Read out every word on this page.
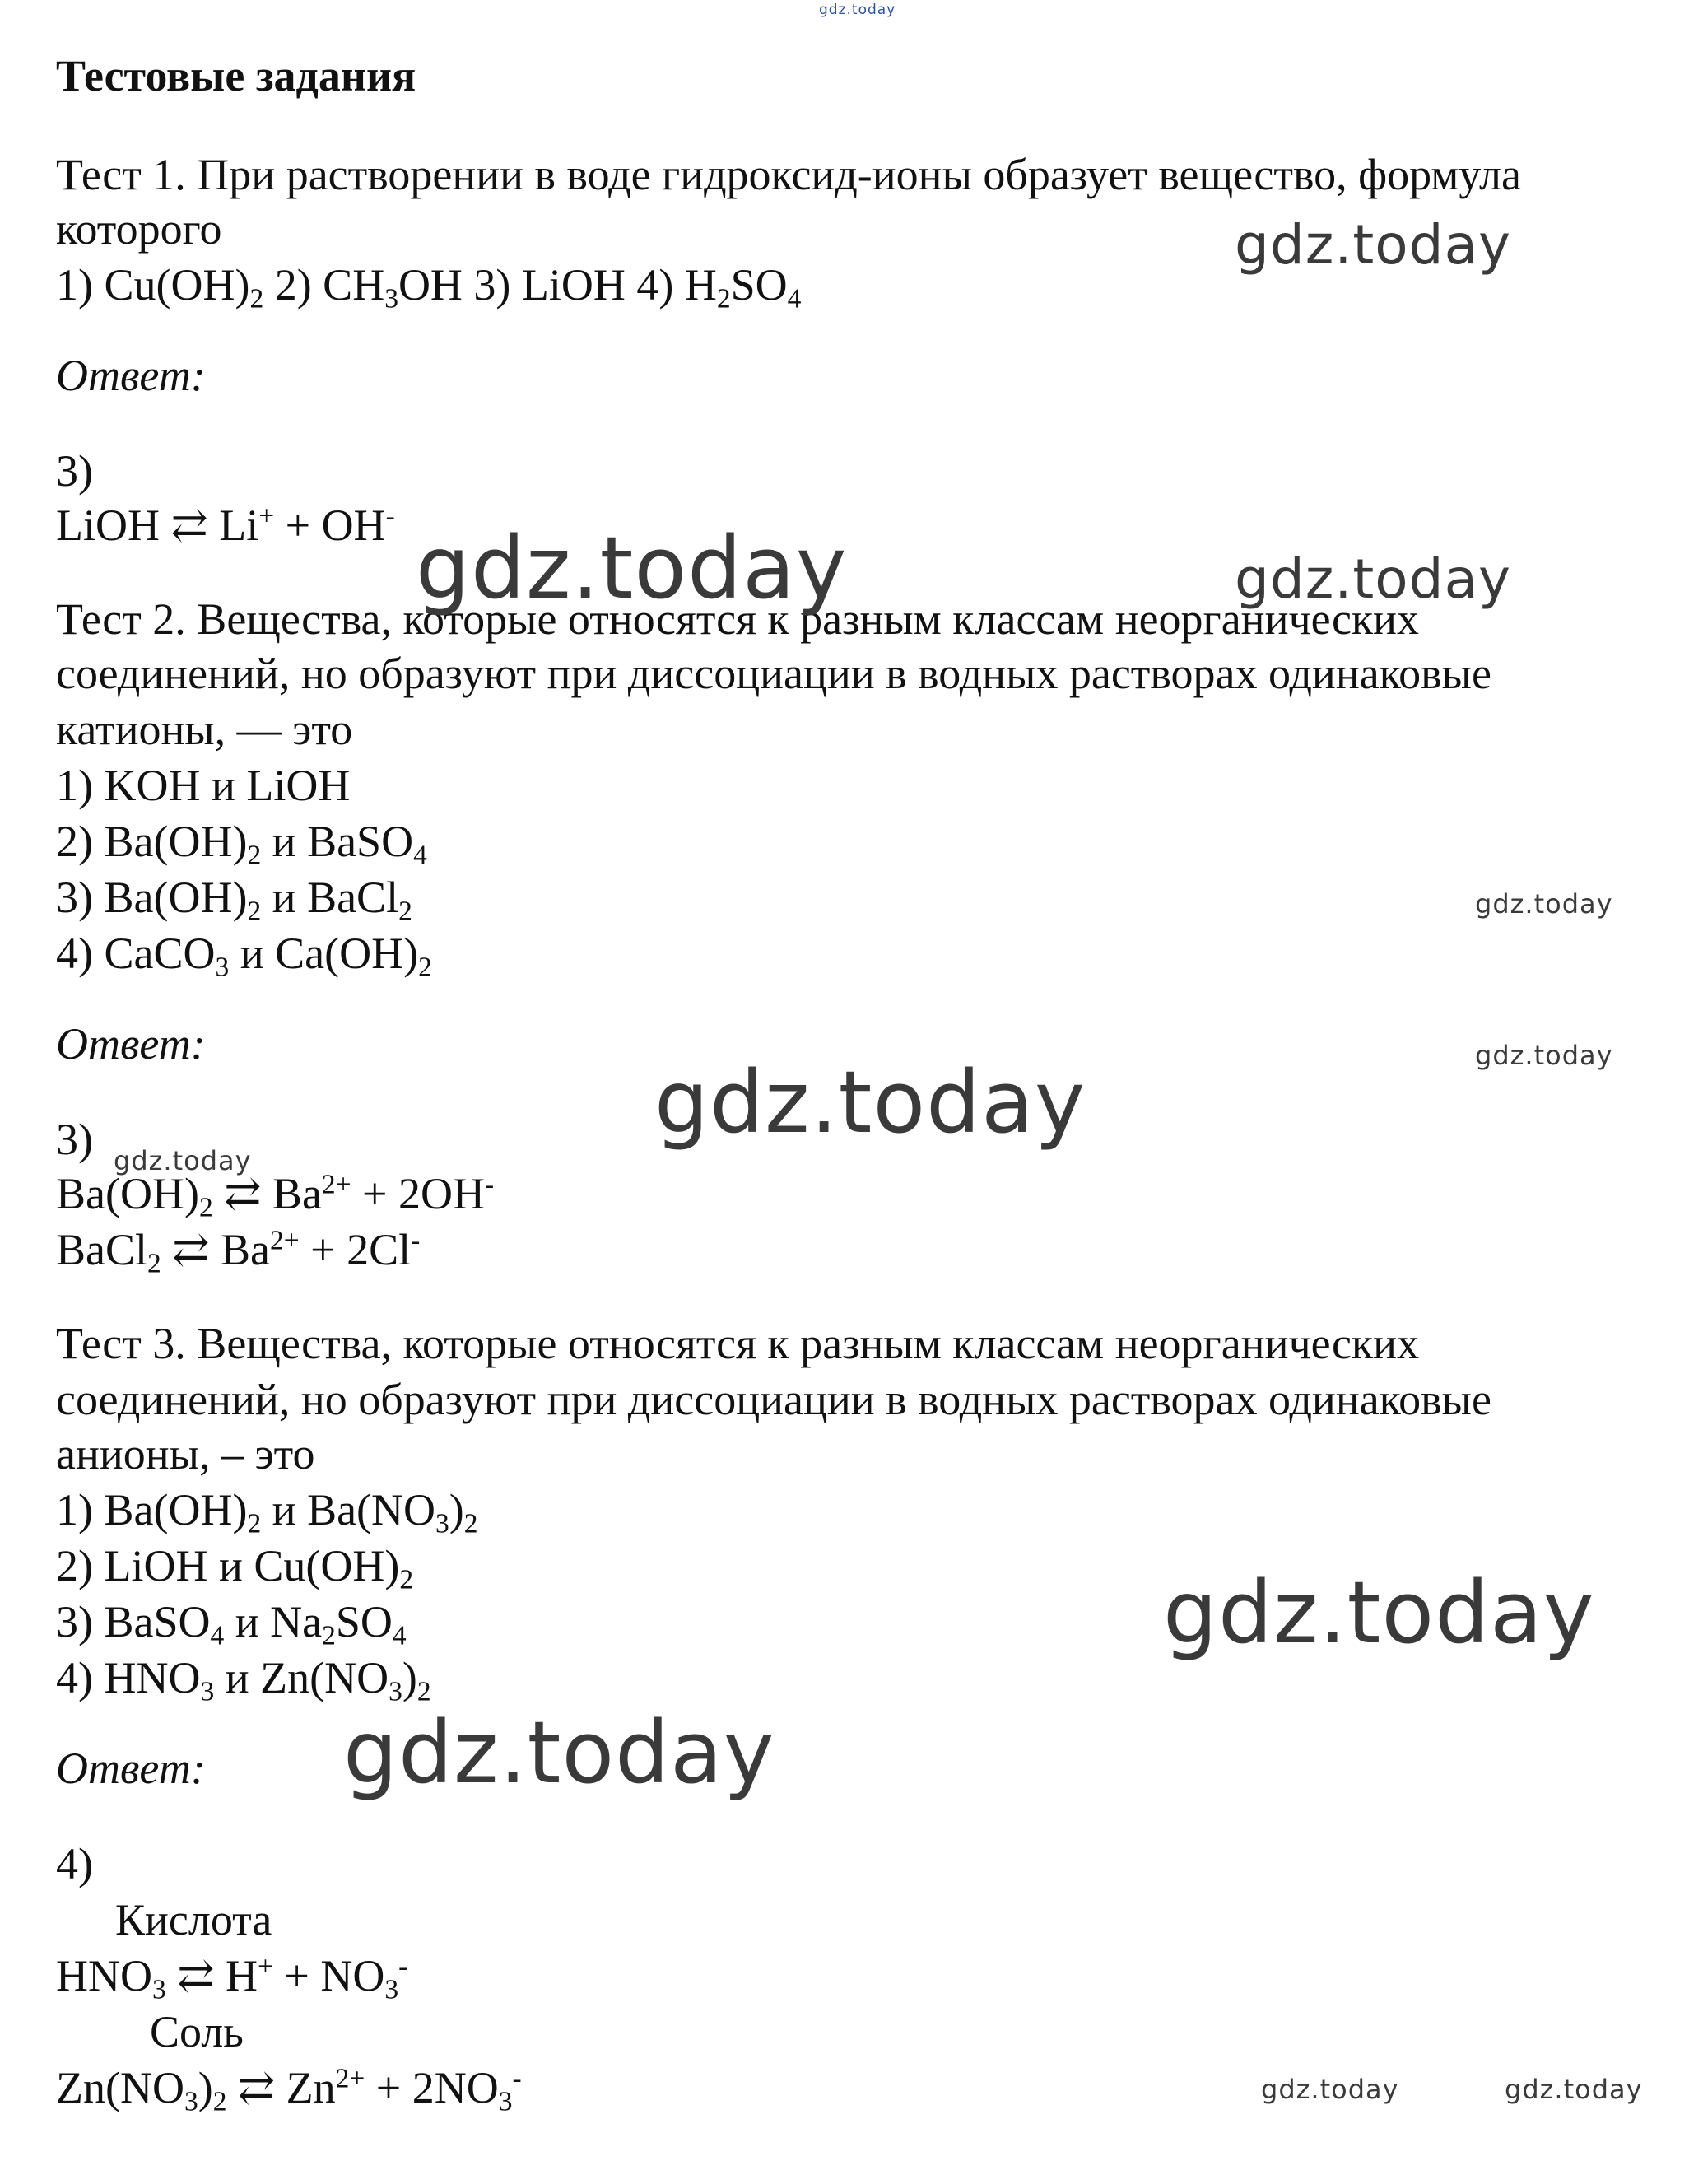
Тестовые задания
Тест 1. При растворении в воде гидроксид-ионы образует вещество, формула
которого
1) $Cu(OH)_2$ 2) $CH_3OH$ 3) LiOH 4) $H_2SO_4$
Ответ:
3)
LiOH ⇄ Li+ + OH-
Тест 2. Вещества, которые относятся к разным классам неорганических
соединений, но образуют при диссоциации в водных растворах одинаковые
катионы, — это
1) KOH и LiOH
2) $Ba(OH)_2$ и BaSO$_4$
3) $Ba(OH)_2$ и BaCl$_2$
4) CaCO$_3$ и $Ca(OH)_2$
Ответ:
3)
$Ba(OH)_2$ ⇄ $Ba^{2+} + 2OH^-$
BaCl$_2$ ⇄ $Ba^{2+} + 2Cl^-$
Тест 3. Вещества, которые относятся к разным классам неорганических
соединений, но образуют при диссоциации в водных растворах одинаковые
анионы, – это
1) $Ba(OH)_2$ и $Ba(NO_3)_2$
2) LiOH и $Cu(OH)_2$
3) BaSO$_4$ и $Na_2SO_4$
4) $HNO_3$ и $Zn(NO_3)_2$
Ответ:
4)
Кислота
$HNO_3$ ⇄ $H^+ + NO_3^-$
Соль
$Zn(NO_3)_2$ ⇄ $Zn^{2+} + 2NO_3^-$
gdz.today
gdz.today
gdz.today	gdz.today
gdz.today
gdz.today
gdz.today
gdz.today
gdz.today
gdz.today
gdz.today	gdz.today
